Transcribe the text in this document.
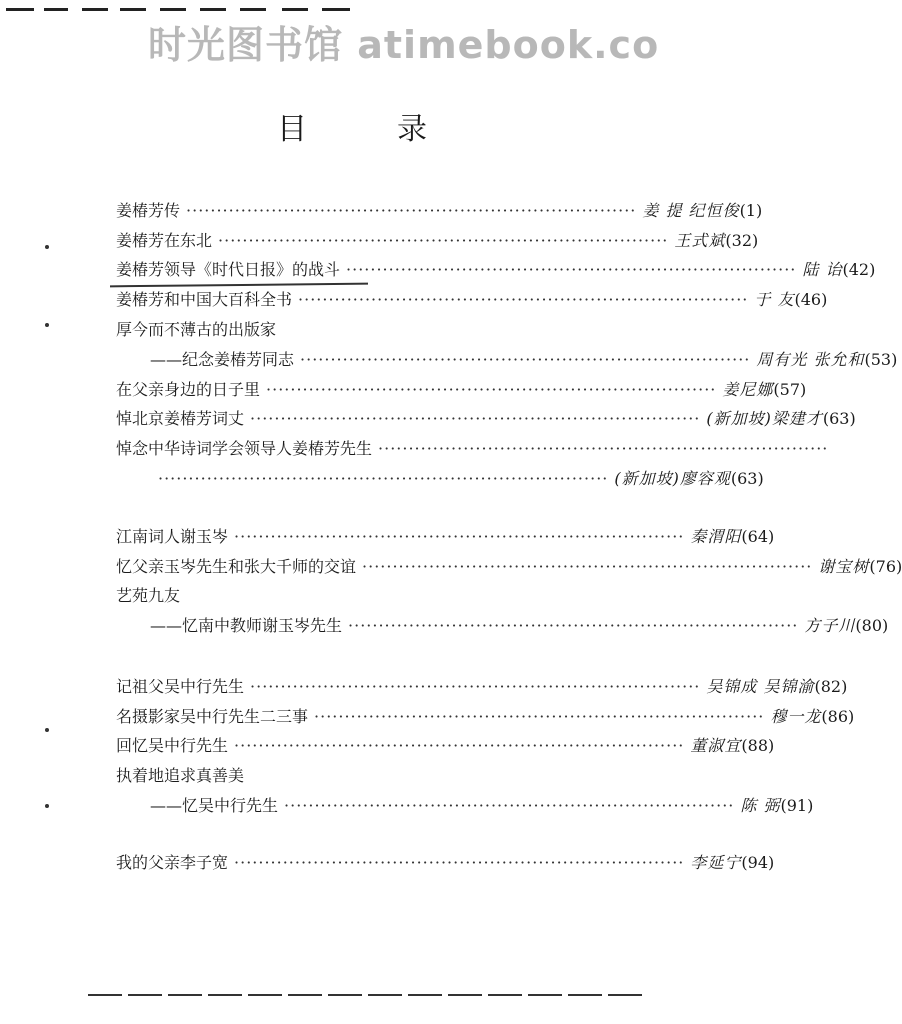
时光图书馆 atimebook.co
目	录
姜椿芳传 ·········································································· 姜 提 纪恒俊 (1)
姜椿芳在东北 ·········································································· 王式斌 (32)
姜椿芳领导《时代日报》的战斗 ·········································································· 陆 诒 (42)
姜椿芳和中国大百科全书 ·········································································· 于 友 (46)
厚今而不薄古的出版家
——纪念姜椿芳同志 ·········································································· 周有光 张允和 (53)
在父亲身边的日子里 ·········································································· 姜尼娜 (57)
悼北京姜椿芳词丈 ·········································································· (新加坡)梁建才 (63)
悼念中华诗词学会领导人姜椿芳先生 ··········································································
·········································································· (新加坡)廖容观 (63)
江南词人谢玉岑 ·········································································· 秦渭阳 (64)
忆父亲玉岑先生和张大千师的交谊 ·········································································· 谢宝树 (76)
艺苑九友
——忆南中教师谢玉岑先生 ·········································································· 方子川 (80)
记祖父吴中行先生 ·········································································· 吴锦成 吴锦渝 (82)
名摄影家吴中行先生二三事 ·········································································· 穆一龙 (86)
回忆吴中行先生 ·········································································· 董淑宜 (88)
执着地追求真善美
——忆吴中行先生 ·········································································· 陈 弼 (91)
我的父亲李子宽 ·········································································· 李延宁 (94)
